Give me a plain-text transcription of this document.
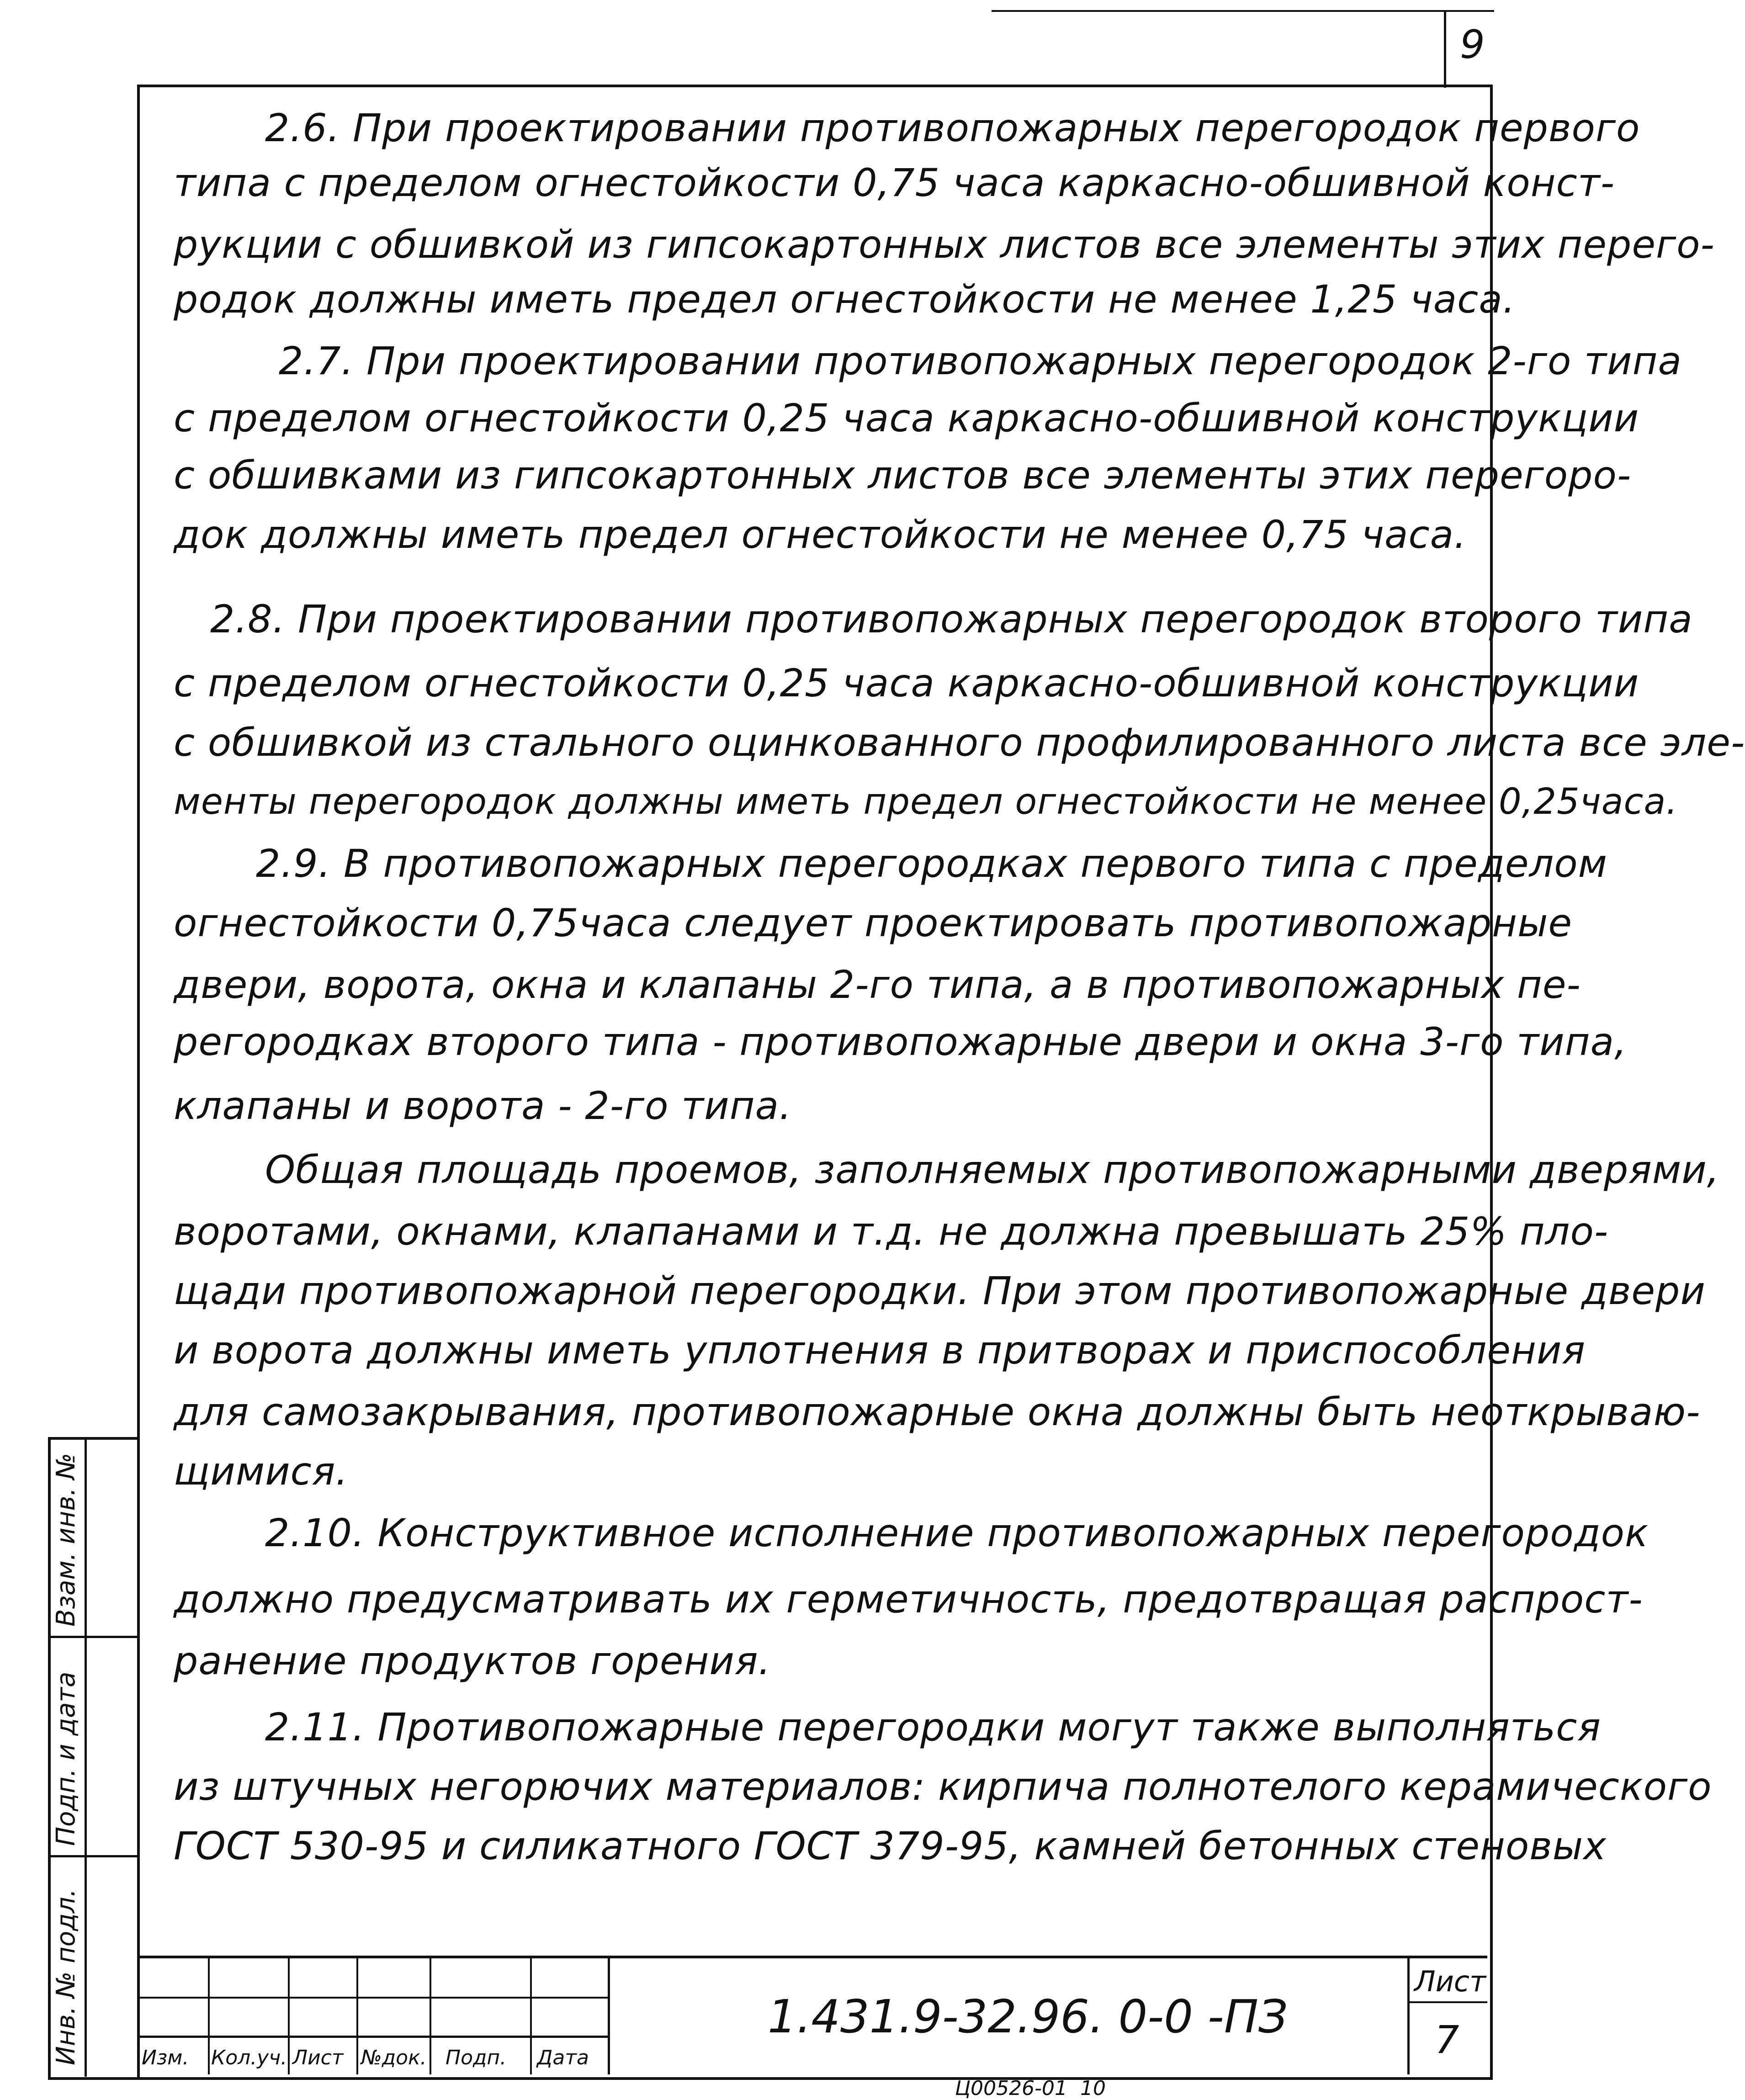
9
2.6. При проектировании противопожарных перегородок первого
типа с пределом огнестойкости 0,75 часа каркасно-обшивной конст-
рукции с обшивкой из гипсокартонных листов все элементы этих перего-
родок должны иметь предел огнестойкости не менее 1,25 часа.
2.7. При проектировании противопожарных перегородок 2-го типа
с пределом огнестойкости 0,25 часа каркасно-обшивной конструкции
с обшивками из гипсокартонных листов все элементы этих перегоро-
док должны иметь предел огнестойкости не менее 0,75 часа.
2.8. При проектировании противопожарных перегородок второго типа
с пределом огнестойкости 0,25 часа каркасно-обшивной конструкции
с обшивкой из стального оцинкованного профилированного листа все эле-
менты перегородок должны иметь предел огнестойкости не менее 0,25часа.
2.9. В противопожарных перегородках первого типа с пределом
огнестойкости 0,75часа следует проектировать противопожарные
двери, ворота, окна и клапаны 2-го типа, а в противопожарных пе-
регородках второго типа - противопожарные двери и окна 3-го типа,
клапаны и ворота - 2-го типа.
Общая площадь проемов, заполняемых противопожарными дверями,
воротами, окнами, клапанами и т.д. не должна превышать 25% пло-
щади противопожарной перегородки. При этом противопожарные двери
и ворота должны иметь уплотнения в притворах и приспособления
для самозакрывания, противопожарные окна должны быть неоткрываю-
щимися.
2.10. Конструктивное исполнение противопожарных перегородок
должно предусматривать их герметичность, предотвращая распрост-
ранение продуктов горения.
2.11. Противопожарные перегородки могут также выполняться
из штучных негорючих материалов: кирпича полнотелого керамического
ГОСТ 530-95 и силикатного ГОСТ 379-95, камней бетонных стеновых
Инв. № подл.
Подп. и дата
Взам. инв. №
Изм. Кол.уч. Лист №док. Подп. Дата
1.431.9-32.96. 0-0 -ПЗ
Лист
7
Ц00526-01  10
